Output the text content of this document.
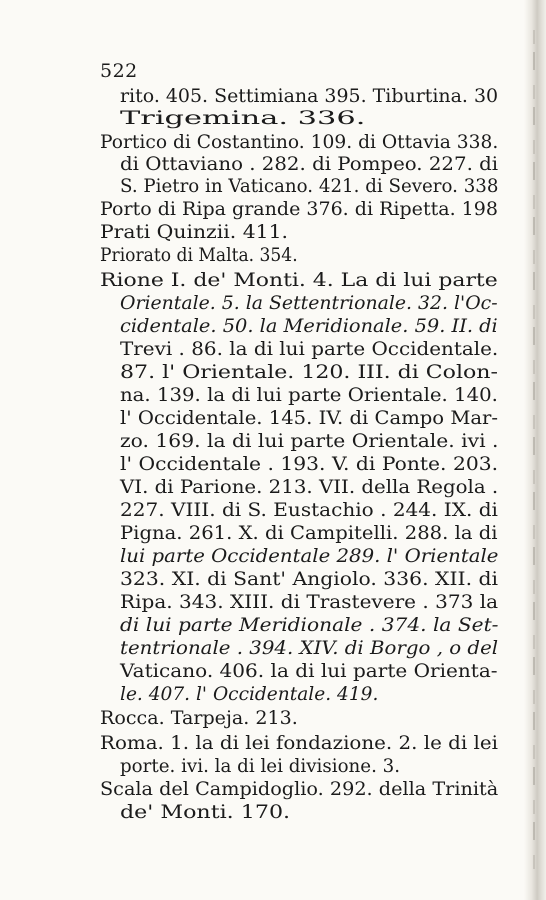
522
rito. 405. Settimiana 395. Tiburtina. 30
Trigemina. 336.
Portico di Costantino. 109. di Ottavia 338.
di Ottaviano . 282. di Pompeo. 227. di
S. Pietro in Vaticano. 421. di Severo. 338
Porto di Ripa grande 376. di Ripetta. 198
Prati Quinzii. 411.
Priorato di Malta. 354.
Rione I. de' Monti. 4. La di lui parte
Orientale. 5. la Settentrionale. 32. l'Oc-
cidentale. 50. la Meridionale. 59. II. di
Trevi . 86. la di lui parte Occidentale.
87. l' Orientale. 120. III. di Colon-
na. 139. la di lui parte Orientale. 140.
l' Occidentale. 145. IV. di Campo Mar-
zo. 169. la di lui parte Orientale. ivi .
l' Occidentale . 193. V. di Ponte. 203.
VI. di Parione. 213. VII. della Regola .
227. VIII. di S. Eustachio . 244. IX. di
Pigna. 261. X. di Campitelli. 288. la di
lui parte Occidentale 289. l' Orientale
323. XI. di Sant' Angiolo. 336. XII. di
Ripa. 343. XIII. di Trastevere . 373 la
di lui parte Meridionale . 374. la Set-
tentrionale . 394. XIV. di Borgo , o del
Vaticano. 406. la di lui parte Orienta-
le. 407. l' Occidentale. 419.
Rocca. Tarpeja. 213.
Roma. 1. la di lei fondazione. 2. le di lei
porte. ivi. la di lei divisione. 3.
Scala del Campidoglio. 292. della Trinità
de' Monti. 170.
